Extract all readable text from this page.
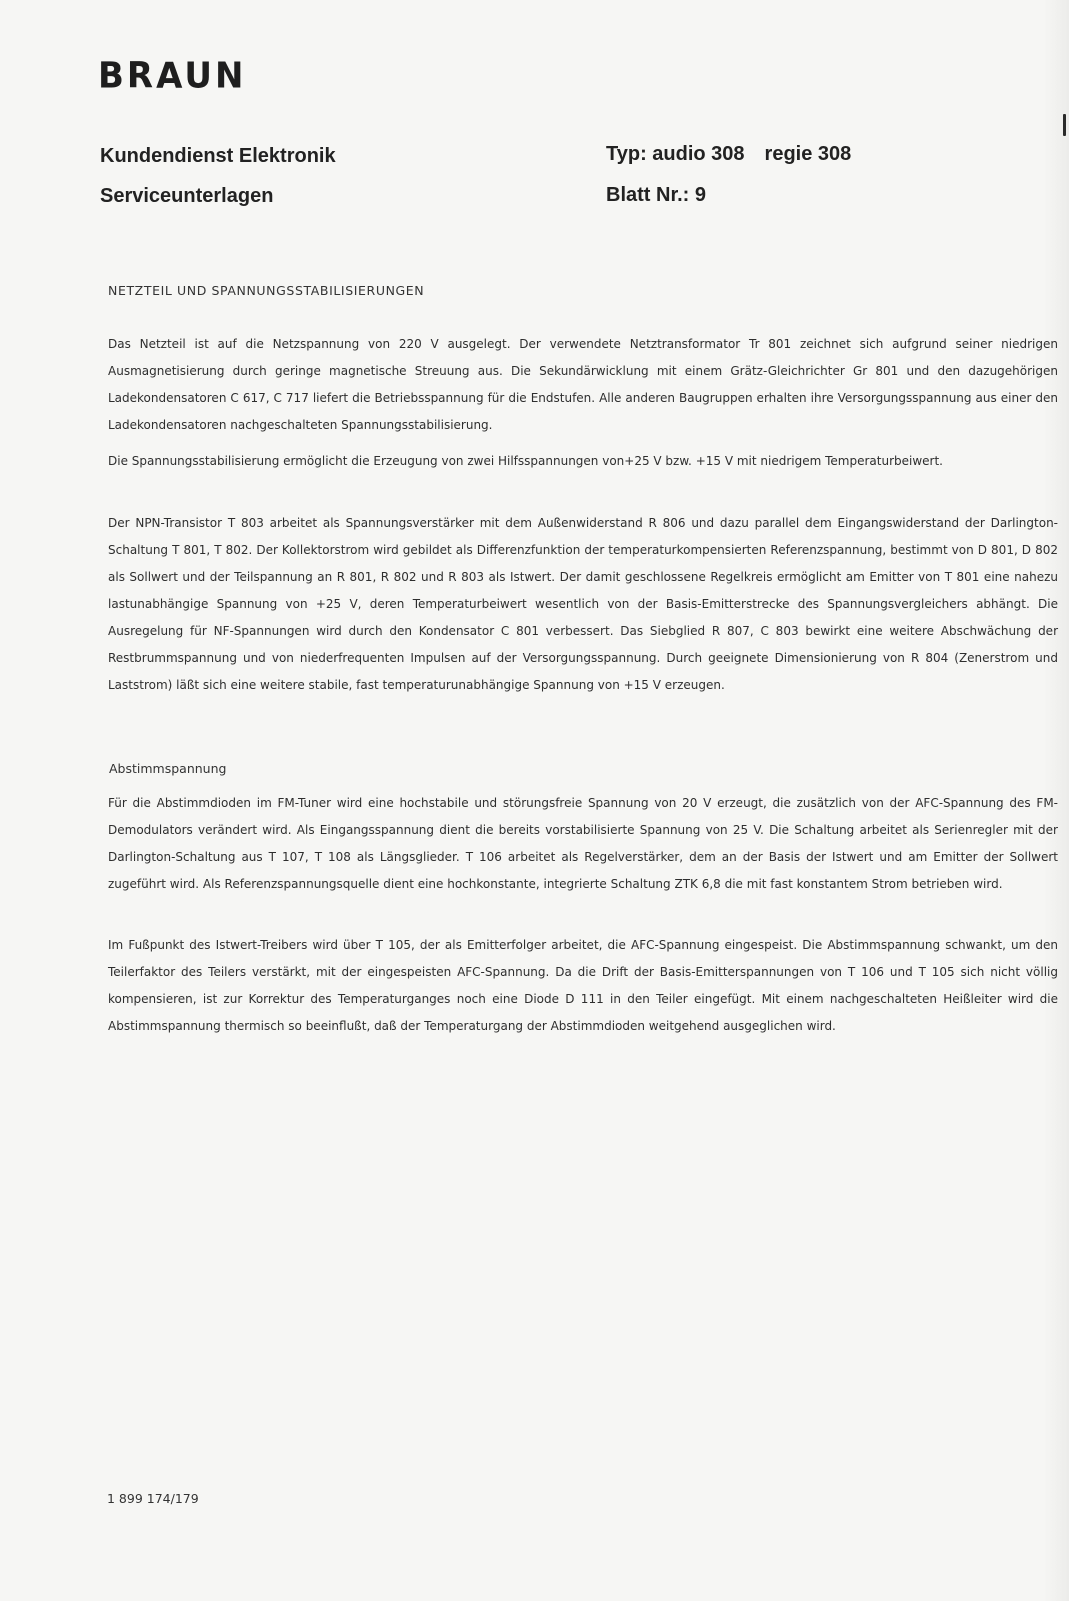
BRAUN
Kundendienst Elektronik
Serviceunterlagen
Typ: audio 308 regie 308
Blatt Nr.: 9
NETZTEIL UND SPANNUNGSSTABILISIERUNGEN

Das Netzteil ist auf die Netzspannung von 220 V ausgelegt. Der verwendete Netztransformator Tr 801 zeichnet sich aufgrund seiner niedrigen Ausmagnetisierung durch geringe magnetische Streuung aus. Die Sekundärwicklung mit einem Grätz-Gleichrichter Gr 801 und den dazugehörigen Ladekondensatoren C 617, C 717 liefert die Betriebsspannung für die Endstufen. Alle anderen Baugruppen erhalten ihre Versorgungsspannung aus einer den Ladekondensatoren nachgeschalteten Spannungsstabilisierung.

Die Spannungsstabilisierung ermöglicht die Erzeugung von zwei Hilfsspannungen von+25 V bzw. +15 V mit niedrigem Temperaturbeiwert.

Der NPN-Transistor T 803 arbeitet als Spannungsverstärker mit dem Außenwiderstand R 806 und dazu parallel dem Eingangswiderstand der Darlington-Schaltung T 801, T 802. Der Kollektorstrom wird gebildet als Differenzfunktion der temperaturkompensierten Referenzspannung, bestimmt von D 801, D 802 als Sollwert und der Teilspannung an R 801, R 802 und R 803 als Istwert. Der damit geschlossene Regelkreis ermöglicht am Emitter von T 801 eine nahezu lastunabhängige Spannung von +25 V, deren Temperaturbeiwert wesentlich von der Basis-Emitterstrecke des Spannungsvergleichers abhängt. Die Ausregelung für NF-Spannungen wird durch den Kondensator C 801 verbessert. Das Siebglied R 807, C 803 bewirkt eine weitere Abschwächung der Restbrummspannung und von niederfrequenten Impulsen auf der Versorgungsspannung. Durch geeignete Dimensionierung von R 804 (Zenerstrom und Laststrom) läßt sich eine weitere stabile, fast temperaturunabhängige Spannung von +15 V erzeugen.

Abstimmspannung

Für die Abstimmdioden im FM-Tuner wird eine hochstabile und störungsfreie Spannung von 20 V erzeugt, die zusätzlich von der AFC-Spannung des FM-Demodulators verändert wird. Als Eingangsspannung dient die bereits vorstabilisierte Spannung von 25 V. Die Schaltung arbeitet als Serienregler mit der Darlington-Schaltung aus T 107, T 108 als Längsglieder. T 106 arbeitet als Regelverstärker, dem an der Basis der Istwert und am Emitter der Sollwert zugeführt wird. Als Referenzspannungsquelle dient eine hochkonstante, integrierte Schaltung ZTK 6,8 die mit fast konstantem Strom betrieben wird.

Im Fußpunkt des Istwert-Treibers wird über T 105, der als Emitterfolger arbeitet, die AFC-Spannung eingespeist. Die Abstimmspannung schwankt, um den Teilerfaktor des Teilers verstärkt, mit der eingespeisten AFC-Spannung. Da die Drift der Basis-Emitterspannungen von T 106 und T 105 sich nicht völlig kompensieren, ist zur Korrektur des Temperaturganges noch eine Diode D 111 in den Teiler eingefügt. Mit einem nachgeschalteten Heißleiter wird die Abstimmspannung thermisch so beeinflußt, daß der Temperaturgang der Abstimmdioden weitgehend ausgeglichen wird.

1 899 174/179
